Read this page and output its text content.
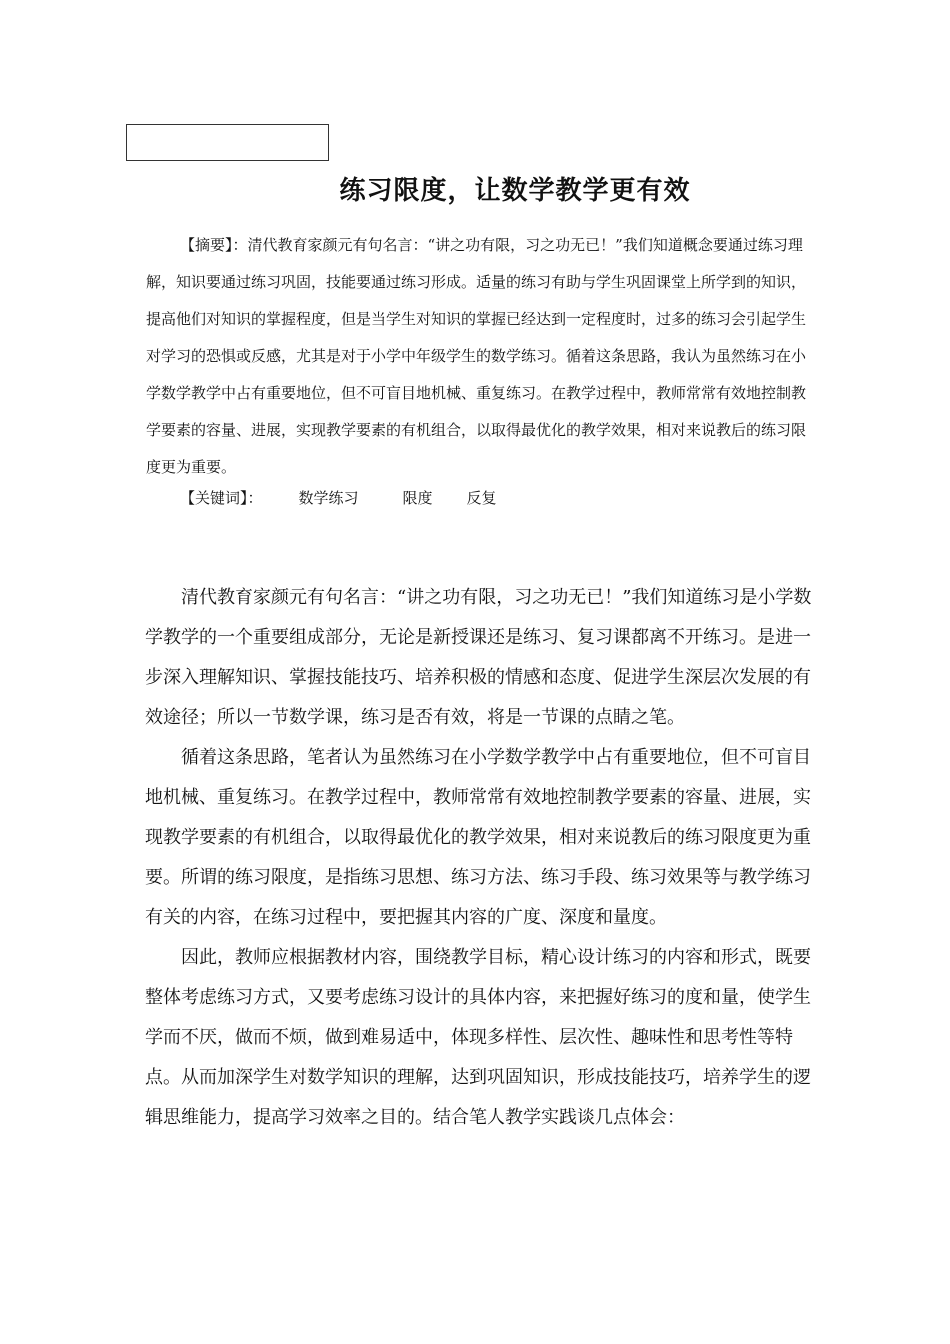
练习限度，让数学教学更有效

【摘要】：清代教育家颜元有句名言：“讲之功有限，习之功无已！”我们知道概念要通过练习理解，知识要通过练习巩固，技能要通过练习形成。适量的练习有助与学生巩固课堂上所学到的知识，提高他们对知识的掌握程度，但是当学生对知识的掌握已经达到一定程度时，过多的练习会引起学生对学习的恐惧或反感，尤其是对于小学中年级学生的数学练习。循着这条思路，我认为虽然练习在小学数学教学中占有重要地位，但不可盲目地机械、重复练习。在教学过程中，教师常常有效地控制教学要素的容量、进展，实现教学要素的有机组合，以取得最优化的教学效果，相对来说教后的练习限度更为重要。

【关键词】： 数学练习	限度 反复

清代教育家颜元有句名言：“讲之功有限，习之功无已！”我们知道练习是小学数学教学的一个重要组成部分，无论是新授课还是练习、复习课都离不开练习。是进一步深入理解知识、掌握技能技巧、培养积极的情感和态度、促进学生深层次发展的有效途径；所以一节数学课，练习是否有效，将是一节课的点睛之笔。

循着这条思路，笔者认为虽然练习在小学数学教学中占有重要地位，但不可盲目地机械、重复练习。在教学过程中，教师常常有效地控制教学要素的容量、进展，实现教学要素的有机组合，以取得最优化的教学效果，相对来说教后的练习限度更为重要。所谓的练习限度，是指练习思想、练习方法、练习手段、练习效果等与教学练习有关的内容，在练习过程中，要把握其内容的广度、深度和量度。

因此，教师应根据教材内容，围绕教学目标，精心设计练习的内容和形式，既要整体考虑练习方式，又要考虑练习设计的具体内容，来把握好练习的度和量，使学生学而不厌，做而不烦，做到难易适中，体现多样性、层次性、趣味性和思考性等特点。从而加深学生对数学知识的理解，达到巩固知识，形成技能技巧，培养学生的逻辑思维能力，提高学习效率之目的。结合笔人教学实践谈几点体会：
